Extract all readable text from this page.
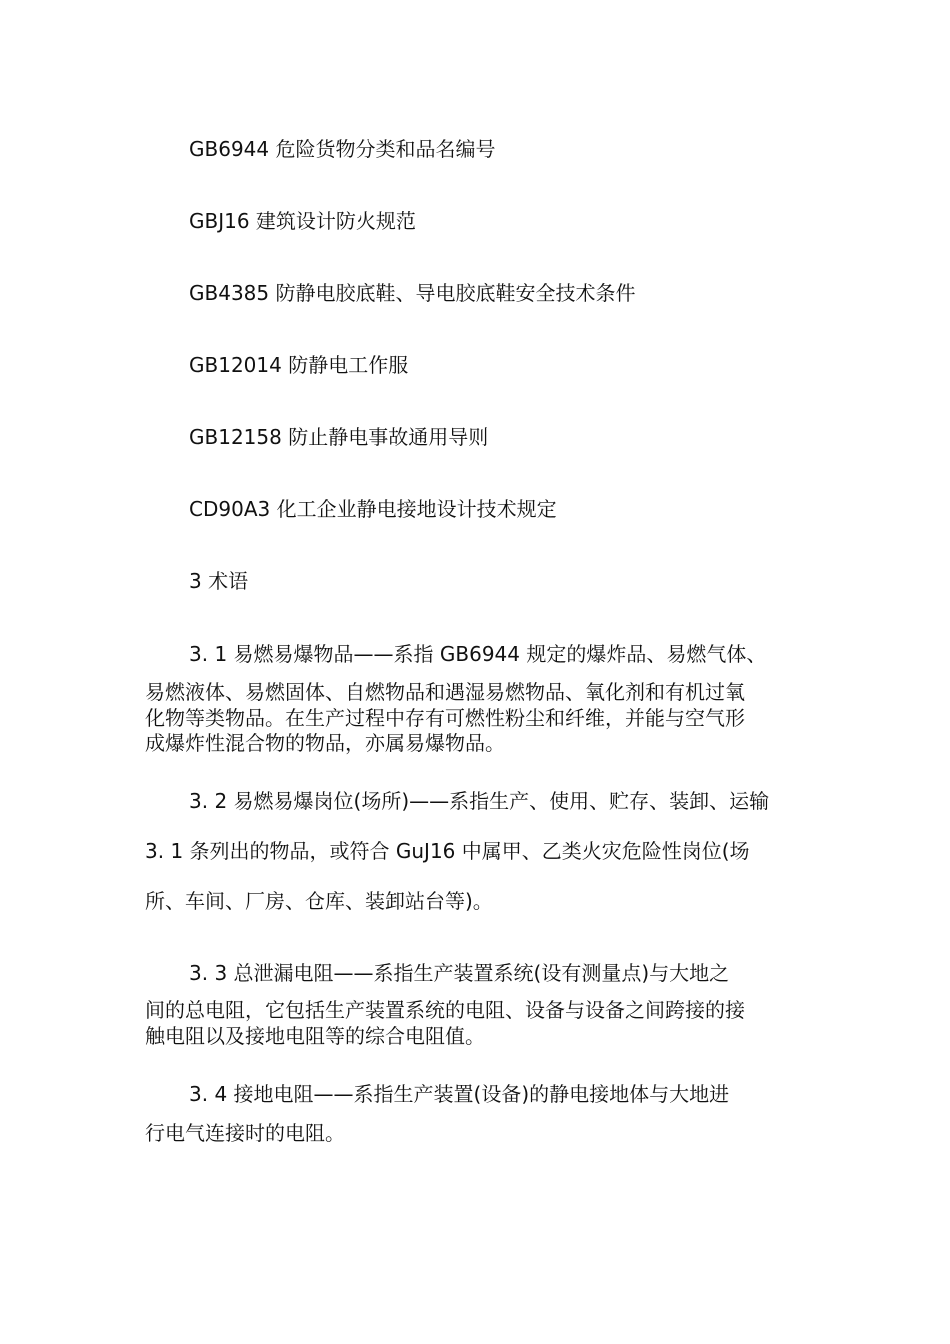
GB6944 危险货物分类和品名编号
GBJ16 建筑设计防火规范
GB4385 防静电胶底鞋、导电胶底鞋安全技术条件
GB12014 防静电工作服
GB12158 防止静电事故通用导则
CD90A3 化工企业静电接地设计技术规定
3 术语
3. 1 易燃易爆物品——系指 GB6944 规定的爆炸品、易燃气体、
易燃液体、易燃固体、自燃物品和遇湿易燃物品、氧化剂和有机过氧
化物等类物品。在生产过程中存有可燃性粉尘和纤维，并能与空气形
成爆炸性混合物的物品，亦属易爆物品。
3. 2 易燃易爆岗位(场所)——系指生产、使用、贮存、装卸、运输
3. 1 条列出的物品，或符合 GuJ16 中属甲、乙类火灾危险性岗位(场
所、车间、厂房、仓库、装卸站台等)。
3. 3 总泄漏电阻——系指生产装置系统(设有测量点)与大地之
间的总电阻，它包括生产装置系统的电阻、设备与设备之间跨接的接
触电阻以及接地电阻等的综合电阻值。
3. 4 接地电阻——系指生产装置(设备)的静电接地体与大地进
行电气连接时的电阻。
